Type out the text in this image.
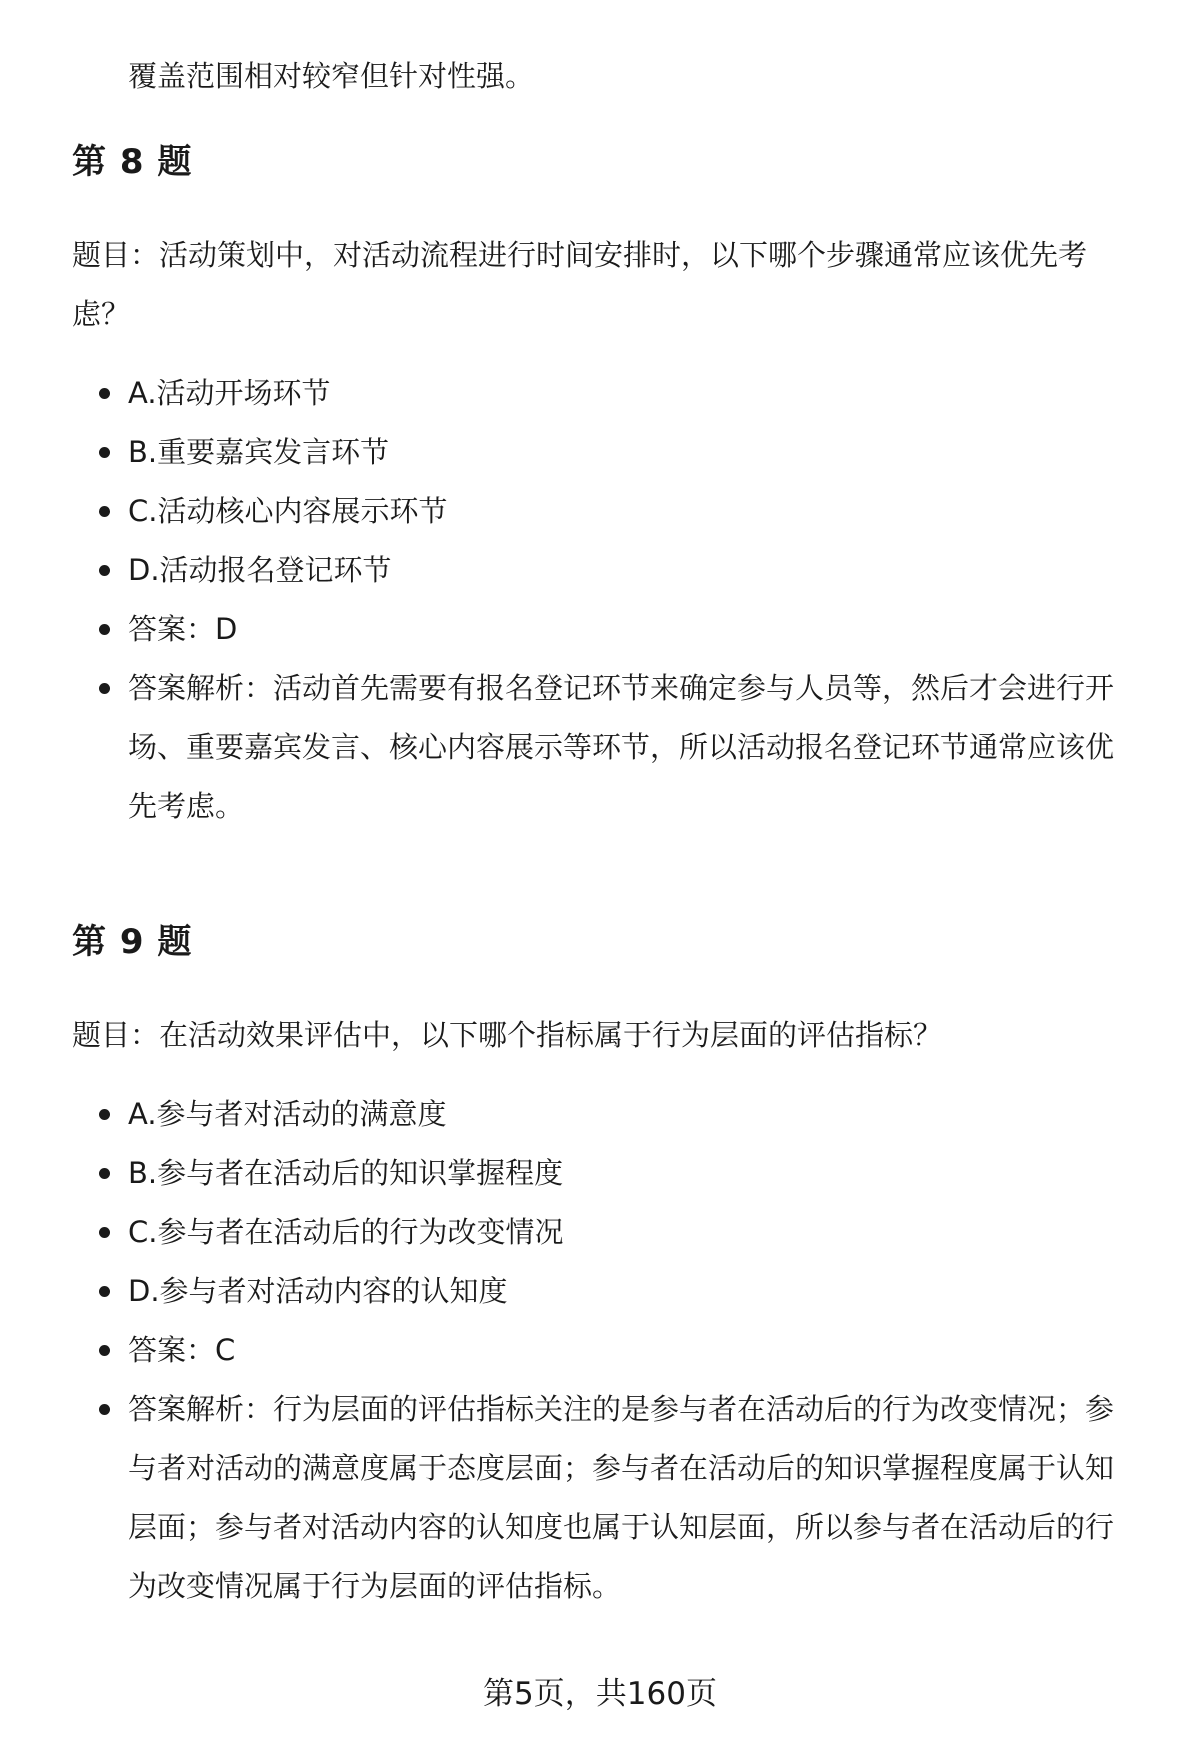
覆盖范围相对较窄但针对性强。

第 8 题

题目：活动策划中，对活动流程进行时间安排时，以下哪个步骤通常应该优先考虑？

A.活动开场环节
B.重要嘉宾发言环节
C.活动核心内容展示环节
D.活动报名登记环节
答案：D
答案解析：活动首先需要有报名登记环节来确定参与人员等，然后才会进行开场、重要嘉宾发言、核心内容展示等环节，所以活动报名登记环节通常应该优先考虑。
第 9 题

题目：在活动效果评估中，以下哪个指标属于行为层面的评估指标？

A.参与者对活动的满意度
B.参与者在活动后的知识掌握程度
C.参与者在活动后的行为改变情况
D.参与者对活动内容的认知度
答案：C
答案解析：行为层面的评估指标关注的是参与者在活动后的行为改变情况；参与者对活动的满意度属于态度层面；参与者在活动后的知识掌握程度属于认知层面；参与者对活动内容的认知度也属于认知层面，所以参与者在活动后的行为改变情况属于行为层面的评估指标。

第5页，共160页
